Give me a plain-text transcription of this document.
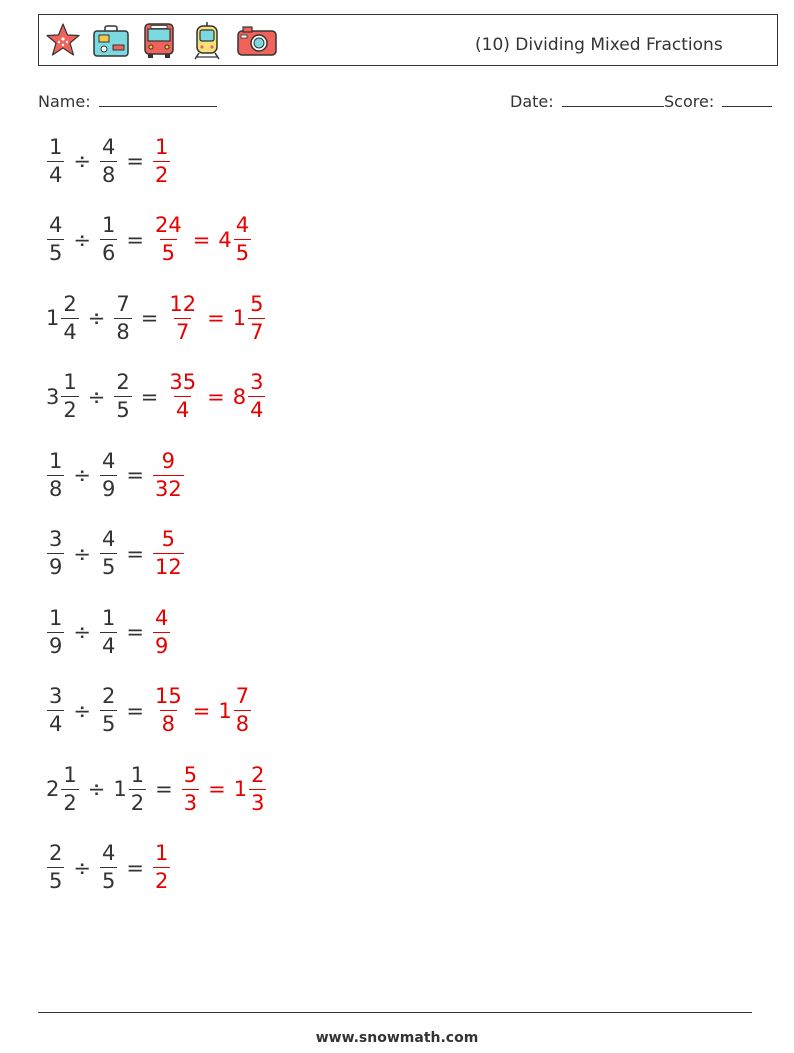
(10) Dividing Mixed Fractions
Name:	Date:	Score:
$\frac{1}{4} \div \frac{4}{8} = \frac{1}{2}$
$\frac{4}{5} \div \frac{1}{6} = \frac{24}{5} = 4 \frac{4}{5}$
$1 \frac{2}{4} \div \frac{7}{8} = \frac{12}{7} = 1 \frac{5}{7}$
$3 \frac{1}{2} \div \frac{2}{5} = \frac{35}{4} = 8 \frac{3}{4}$
$\frac{1}{8} \div \frac{4}{9} = \frac{9}{32}$
$\frac{3}{9} \div \frac{4}{5} = \frac{5}{12}$
$\frac{1}{9} \div \frac{1}{4} = \frac{4}{9}$
$\frac{3}{4} \div \frac{2}{5} = \frac{15}{8} = 1 \frac{7}{8}$
$2 \frac{1}{2} \div 1 \frac{1}{2} = \frac{5}{3} = 1 \frac{2}{3}$
$\frac{2}{5} \div \frac{4}{5} = \frac{1}{2}$
www.snowmath.com
